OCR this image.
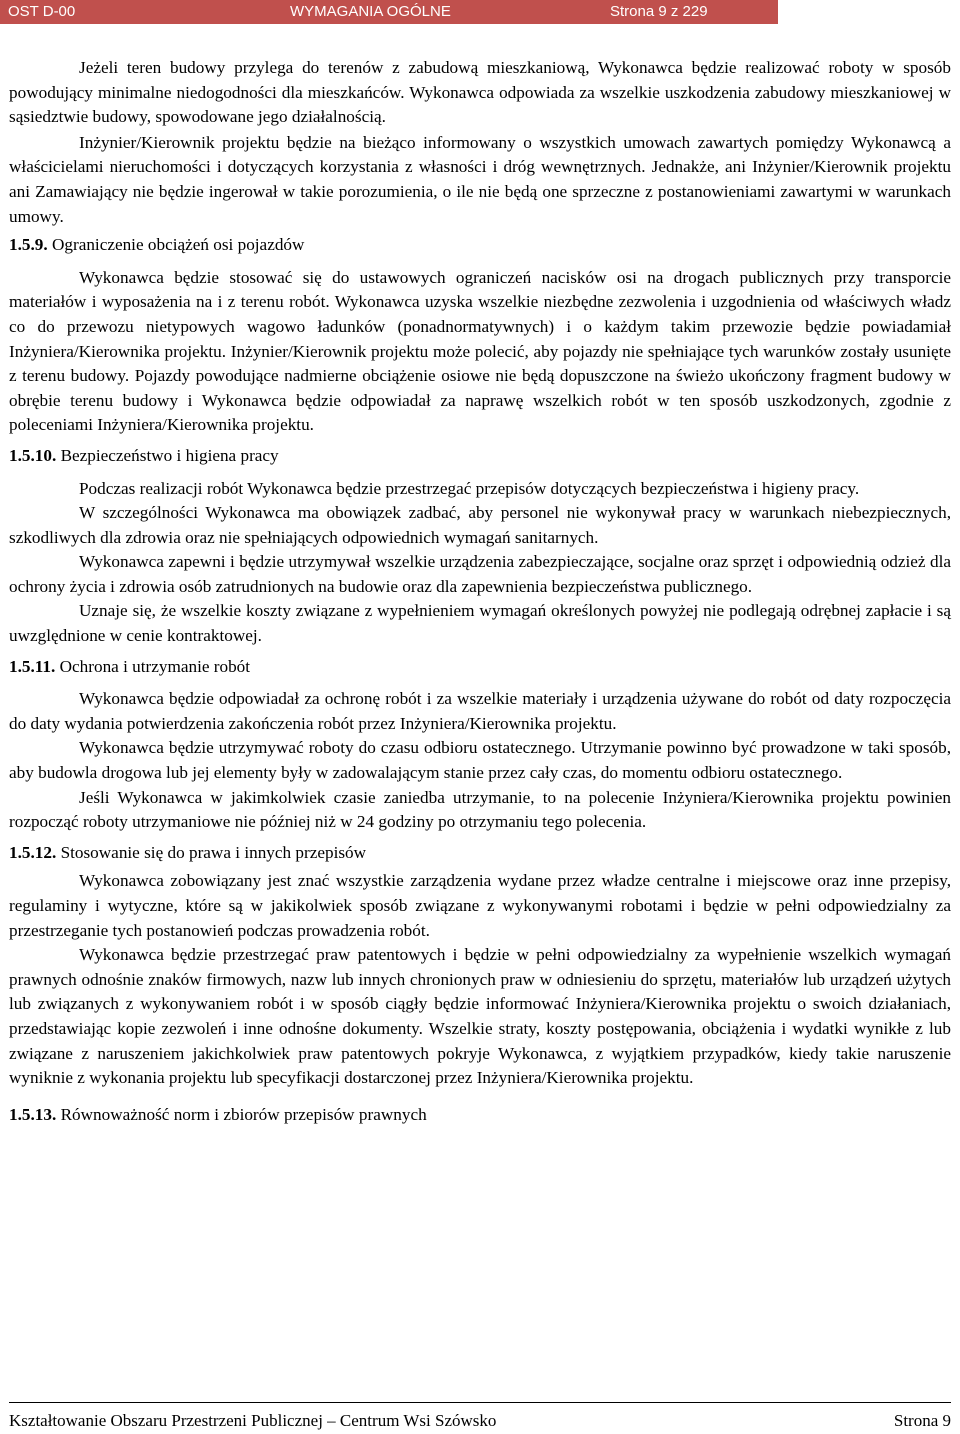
OST D-00	WYMAGANIA OGÓLNE	Strona 9 z 229

Jeżeli teren budowy przylega do terenów z zabudową mieszkaniową, Wykonawca będzie realizować roboty w sposób powodujący minimalne niedogodności dla mieszkańców. Wykonawca odpowiada za wszelkie uszkodzenia zabudowy mieszkaniowej w sąsiedztwie budowy, spowodowane jego działalnością.

Inżynier/Kierownik projektu będzie na bieżąco informowany o wszystkich umowach zawartych pomiędzy Wykonawcą a właścicielami nieruchomości i dotyczących korzystania z własności i dróg wewnętrznych. Jednakże, ani Inżynier/Kierownik projektu ani Zamawiający nie będzie ingerował w takie porozumienia, o ile nie będą one sprzeczne z postanowieniami zawartymi w warunkach umowy.

1.5.9. Ograniczenie obciążeń osi pojazdów

Wykonawca będzie stosować się do ustawowych ograniczeń nacisków osi na drogach publicznych przy transporcie materiałów i wyposażenia na i z terenu robót. Wykonawca uzyska wszelkie niezbędne zezwolenia i uzgodnienia od właściwych władz co do przewozu nietypowych wagowo ładunków (ponadnormatywnych) i o każdym takim przewozie będzie powiadamiał Inżyniera/Kierownika projektu. Inżynier/Kierownik projektu może polecić, aby pojazdy nie spełniające tych warunków zostały usunięte z terenu budowy. Pojazdy powodujące nadmierne obciążenie osiowe nie będą dopuszczone na świeżo ukończony fragment budowy w obrębie terenu budowy i Wykonawca będzie odpowiadał za naprawę wszelkich robót w ten sposób uszkodzonych, zgodnie z poleceniami Inżyniera/Kierownika projektu.

1.5.10. Bezpieczeństwo i higiena pracy

Podczas realizacji robót Wykonawca będzie przestrzegać przepisów dotyczących bezpieczeństwa i higieny pracy.

W szczególności Wykonawca ma obowiązek zadbać, aby personel nie wykonywał pracy w warunkach niebezpiecznych, szkodliwych dla zdrowia oraz nie spełniających odpowiednich wymagań sanitarnych.

Wykonawca zapewni i będzie utrzymywał wszelkie urządzenia zabezpieczające, socjalne oraz sprzęt i odpowiednią odzież dla ochrony życia i zdrowia osób zatrudnionych na budowie oraz dla zapewnienia bezpieczeństwa publicznego.

Uznaje się, że wszelkie koszty związane z wypełnieniem wymagań określonych powyżej nie podlegają odrębnej zapłacie i są uwzględnione w cenie kontraktowej.

1.5.11. Ochrona i utrzymanie robót

Wykonawca będzie odpowiadał za ochronę robót i za wszelkie materiały i urządzenia używane do robót od daty rozpoczęcia do daty wydania potwierdzenia zakończenia robót przez Inżyniera/Kierownika projektu.

Wykonawca będzie utrzymywać roboty do czasu odbioru ostatecznego. Utrzymanie powinno być prowadzone w taki sposób, aby budowla drogowa lub jej elementy były w zadowalającym stanie przez cały czas, do momentu odbioru ostatecznego.

Jeśli Wykonawca w jakimkolwiek czasie zaniedba utrzymanie, to na polecenie Inżyniera/Kierownika projektu powinien rozpocząć roboty utrzymaniowe nie później niż w 24 godziny po otrzymaniu tego polecenia.

1.5.12. Stosowanie się do prawa i innych przepisów

Wykonawca zobowiązany jest znać wszystkie zarządzenia wydane przez władze centralne i miejscowe oraz inne przepisy, regulaminy i wytyczne, które są w jakikolwiek sposób związane z wykonywanymi robotami i będzie w pełni odpowiedzialny za przestrzeganie tych postanowień podczas prowadzenia robót.

Wykonawca będzie przestrzegać praw patentowych i będzie w pełni odpowiedzialny za wypełnienie wszelkich wymagań prawnych odnośnie znaków firmowych, nazw lub innych chronionych praw w odniesieniu do sprzętu, materiałów lub urządzeń użytych lub związanych z wykonywaniem robót i w sposób ciągły będzie informować Inżyniera/Kierownika projektu o swoich działaniach, przedstawiając kopie zezwoleń i inne odnośne dokumenty. Wszelkie straty, koszty postępowania, obciążenia i wydatki wynikłe z lub związane z naruszeniem jakichkolwiek praw patentowych pokryje Wykonawca, z wyjątkiem przypadków, kiedy takie naruszenie wyniknie z wykonania projektu lub specyfikacji dostarczonej przez Inżyniera/Kierownika projektu.

1.5.13. Równoważność norm i zbiorów przepisów prawnych

Kształtowanie Obszaru Przestrzeni Publicznej – Centrum Wsi Szówsko	Strona 9
